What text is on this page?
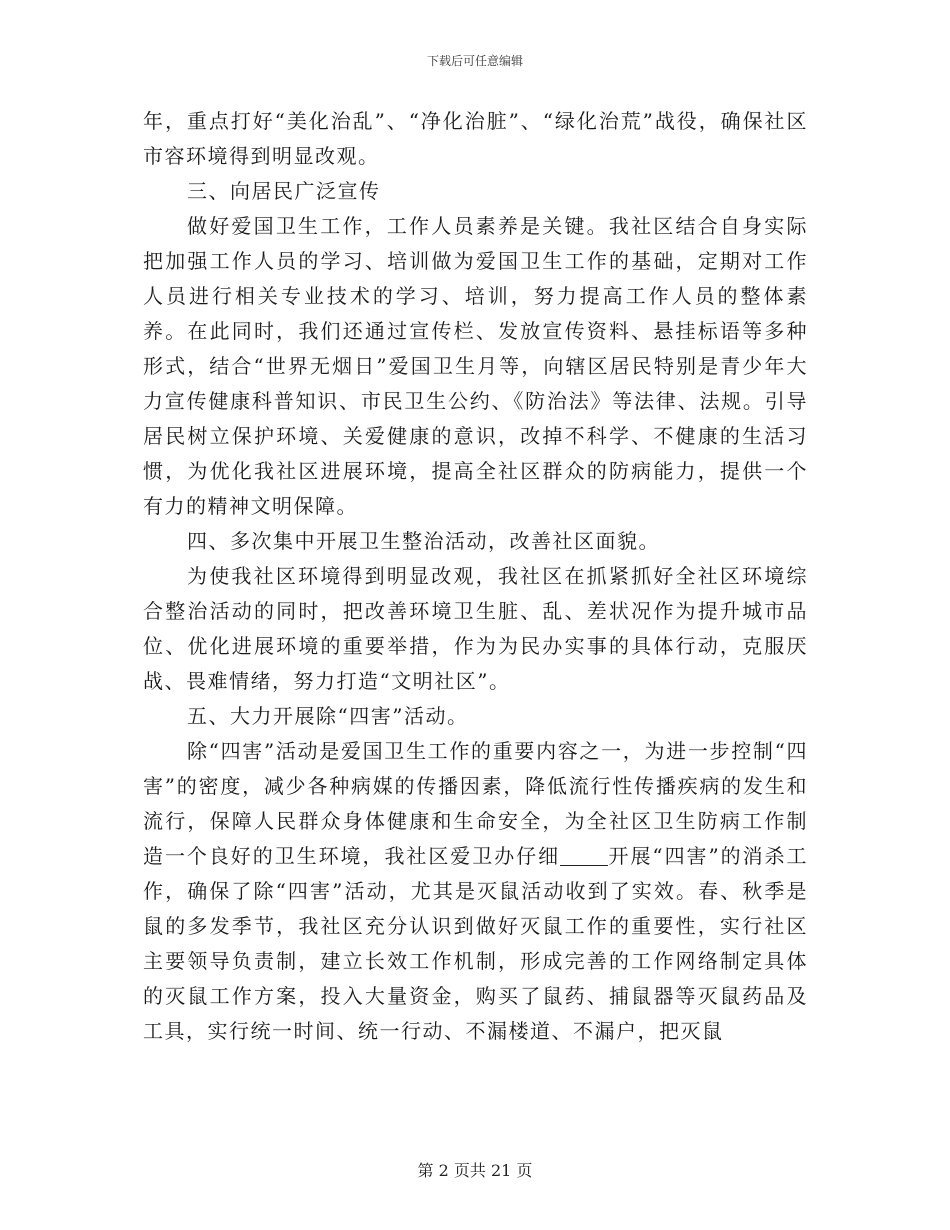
下载后可任意编辑

年，重点打好“美化治乱”、“净化治脏”、“绿化治荒”战役，确保社区市容环境得到明显改观。

三、向居民广泛宣传

做好爱国卫生工作，工作人员素养是关键。我社区结合自身实际把加强工作人员的学习、培训做为爱国卫生工作的基础，定期对工作人员进行相关专业技术的学习、培训，努力提高工作人员的整体素养。在此同时，我们还通过宣传栏、发放宣传资料、悬挂标语等多种形式，结合“世界无烟日”爱国卫生月等，向辖区居民特别是青少年大力宣传健康科普知识、市民卫生公约、《防治法》等法律、法规。引导居民树立保护环境、关爱健康的意识，改掉不科学、不健康的生活习惯，为优化我社区进展环境，提高全社区群众的防病能力，提供一个有力的精神文明保障。

四、多次集中开展卫生整治活动，改善社区面貌。

为使我社区环境得到明显改观，我社区在抓紧抓好全社区环境综合整治活动的同时，把改善环境卫生脏、乱、差状况作为提升城市品位、优化进展环境的重要举措，作为为民办实事的具体行动，克服厌战、畏难情绪，努力打造“文明社区”。

五、大力开展除“四害”活动。

除“四害”活动是爱国卫生工作的重要内容之一，为进一步控制“四害”的密度，减少各种病媒的传播因素，降低流行性传播疾病的发生和流行，保障人民群众身体健康和生命安全，为全社区卫生防病工作制造一个良好的卫生环境，我社区爱卫办仔细 开展“四害”的消杀工作，确保了除“四害”活动，尤其是灭鼠活动收到了实效。春、秋季是鼠的多发季节，我社区充分认识到做好灭鼠工作的重要性，实行社区主要领导负责制，建立长效工作机制，形成完善的工作网络制定具体的灭鼠工作方案，投入大量资金，购买了鼠药、捕鼠器等灭鼠药品及工具，实行统一时间、统一行动、不漏楼道、不漏户，把灭鼠

第 2 页共 21 页
